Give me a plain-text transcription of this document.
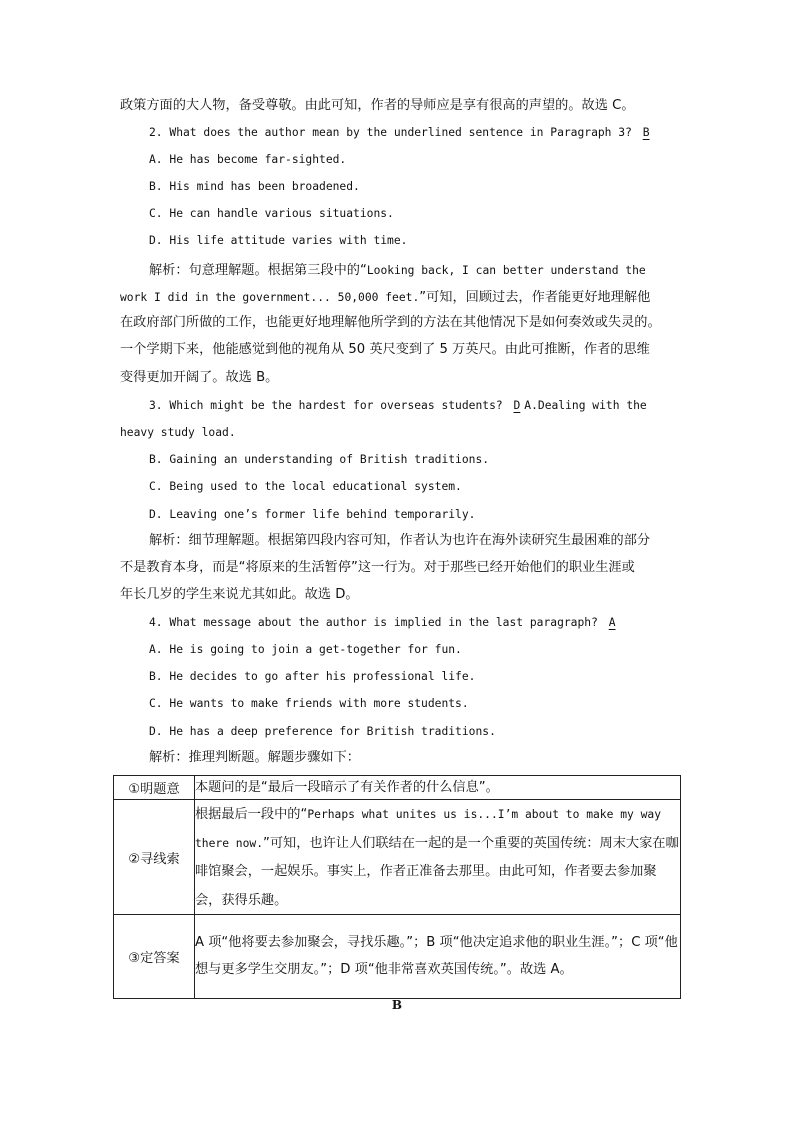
政策方面的大人物，备受尊敬。由此可知，作者的导师应是享有很高的声望的。故选 C。
2. What does the author mean by the underlined sentence in Paragraph 3? B
A. He has become far-sighted.
B. His mind has been broadened.
C. He can handle various situations.
D. His life attitude varies with time.
解析：句意理解题。根据第三段中的“Looking back, I can better understand the
work I did in the government... 50,000 feet.”可知，回顾过去，作者能更好地理解他
在政府部门所做的工作，也能更好地理解他所学到的方法在其他情况下是如何奏效或失灵的。
一个学期下来，他能感觉到他的视角从 50 英尺变到了 5 万英尺。由此可推断，作者的思维
变得更加开阔了。故选 B。
3. Which might be the hardest for overseas students? D A.Dealing with the
heavy study load.
B. Gaining an understanding of British traditions.
C. Being used to the local educational system.
D. Leaving one’s former life behind temporarily.
解析：细节理解题。根据第四段内容可知，作者认为也许在海外读研究生最困难的部分
不是教育本身，而是“将原来的生活暂停”这一行为。对于那些已经开始他们的职业生涯或
年长几岁的学生来说尤其如此。故选 D。
4. What message about the author is implied in the last paragraph? A
A. He is going to join a get-together for fun.
B. He decides to go after his professional life.
C. He wants to make friends with more students.
D. He has a deep preference for British traditions.
解析：推理判断题。解题步骤如下：
①明题意	本题问的是“最后一段暗示了有关作者的什么信息”。
②寻线索	根据最后一段中的“Perhaps what unites us is...I’m about to make my way there now.”可知，也许让人们联结在一起的是一个重要的英国传统：周末大家在咖啡馆聚会，一起娱乐。事实上，作者正准备去那里。由此可知，作者要去参加聚会，获得乐趣。
③定答案	A 项“他将要去参加聚会，寻找乐趣。”；B 项“他决定追求他的职业生涯。”；C 项“他想与更多学生交朋友。”；D 项“他非常喜欢英国传统。”。故选 A。
B
